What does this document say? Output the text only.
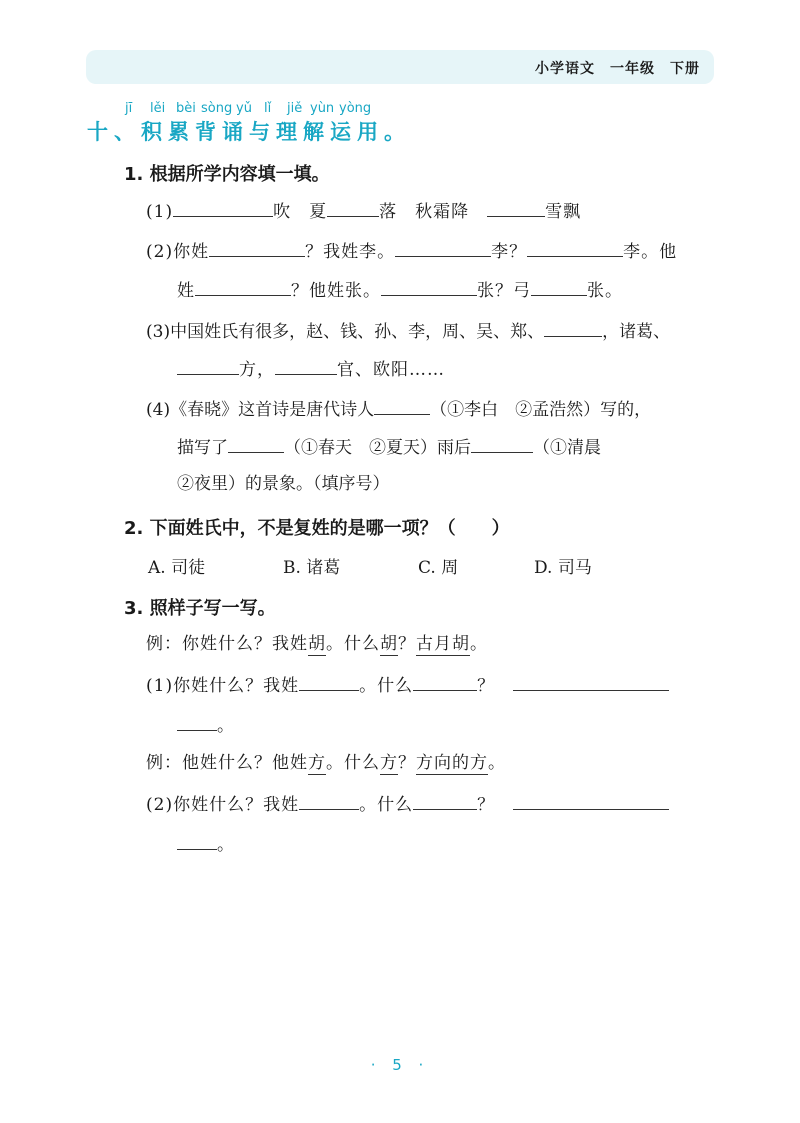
小学语文　 一年级　 下册
jī lěi bèi sòng yǔ lǐ jiě yùn yòng
十、积累背诵与理解运用。
1. 根据所学内容填一填。
(1)	吹　 夏	落　 秋霜降　	雪飘
(2)你姓	？我姓李。	李？	李。他
姓	？他姓张。	张？弓	张。
(3)中国姓氏有很多，赵、钱、孙、李，周、吴、郑、	，诸葛、
方，	官、欧阳……
(4)《春晓》这首诗是唐代诗人	（①李白　②孟浩然）写的，
描写了	（①春天　②夏天）雨后	（①清晨
②夜里）的景象。（填序号）
2. 下面姓氏中，不是复姓的是哪一项？（　　）
A. 司徒	B. 诸葛	C. 周	D. 司马
3. 照样子写一写。
例：你姓什么？我姓胡。什么胡？古月胡。
(1)你姓什么？我姓	。什么	？　
。
例：他姓什么？他姓方。什么方？方向的方。
(2)你姓什么？我姓	。什么	？　
。
· 5 ·
